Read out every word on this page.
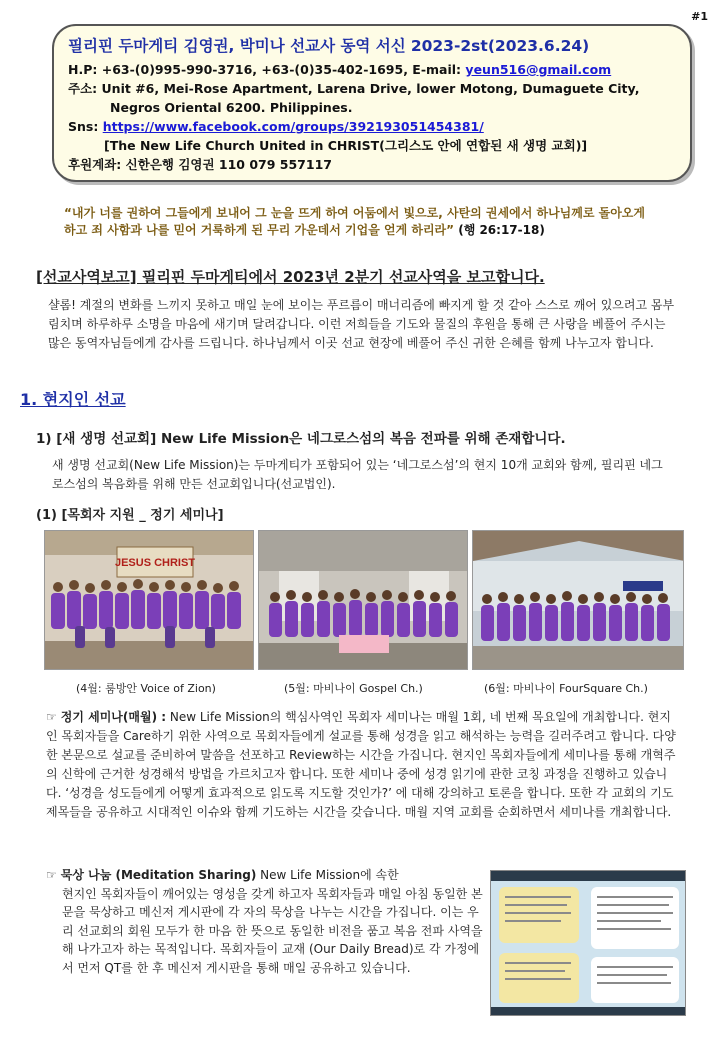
#1
필리핀 두마게티 김영권, 박미나 선교사 동역 서신 2023-2st(2023.6.24)
H.P: +63-(0)995-990-3716, +63-(0)35-402-1695, E-mail: yeun516@gmail.com
주소: Unit #6, Mei-Rose Apartment, Larena Drive, lower Motong, Dumaguete City,
Negros Oriental 6200. Philippines.
Sns: https://www.facebook.com/groups/392193051454381/
[The New Life Church United in CHRIST(그리스도 안에 연합된 새 생명 교회)]
후원계좌: 신한은행 김영권 110 079 557117
“내가 너를 권하여 그들에게 보내어 그 눈을 뜨게 하여 어둠에서 빛으로, 사탄의 권세에서 하나님께로 돌아오게 하고 죄 사함과 나를 믿어 거룩하게 된 무리 가운데서 기업을 얻게 하리라” (행 26:17-18)
[선교사역보고] 필리핀 두마게티에서 2023년 2분기 선교사역을 보고합니다.
샬롬! 계절의 변화를 느끼지 못하고 매일 눈에 보이는 푸르름이 매너리즘에 빠지게 할 것 같아 스스로 깨어 있으려고 몸부림치며 하루하루 소명을 마음에 새기며 달려갑니다. 이런 저희들을 기도와 물질의 후원을 통해 큰 사랑을 베풀어 주시는 많은 동역자님들에게 감사를 드립니다. 하나님께서 이곳 선교 현장에 베풀어 주신 귀한 은혜를 함께 나누고자 합니다.
1. 현지인 선교
1) [새 생명 선교회] New Life Mission은 네그로스섬의 복음 전파를 위해 존재합니다.
새 생명 선교회(New Life Mission)는 두마게티가 포함되어 있는 ‘네그로스섬’의 현지 10개 교회와 함께, 필리핀 네그로스섬의 복음화를 위해 만든 선교회입니다(선교법인).
(1) [목회자 지원 _ 정기 세미나]
JESUS CHRIST
(4월: 룸방안 Voice of Zion)	(5월: 마비나이 Gospel Ch.)	(6월: 마비나이 FourSquare Ch.)
☞ 정기 세미나(매월) : New Life Mission의 핵심사역인 목회자 세미나는 매월 1회, 네 번째 목요일에 개최합니다. 현지인 목회자들을 Care하기 위한 사역으로 목회자들에게 설교를 통해 성경을 읽고 해석하는 능력을 길러주려고 합니다. 다양한 본문으로 설교를 준비하여 말씀을 선포하고 Review하는 시간을 가집니다. 현지인 목회자들에게 세미나를 통해 개혁주의 신학에 근거한 성경해석 방법을 가르치고자 합니다. 또한 세미나 중에 성경 읽기에 관한 코칭 과정을 진행하고 있습니다. ‘성경을 성도들에게 어떻게 효과적으로 읽도록 지도할 것인가?’ 에 대해 강의하고 토론을 합니다. 또한 각 교회의 기도제목들을 공유하고 시대적인 이슈와 함께 기도하는 시간을 갖습니다. 매월 지역 교회를 순회하면서 세미나를 개최합니다.
☞ 묵상 나눔 (Meditation Sharing) New Life Mission에 속한
현지인 목회자들이 깨어있는 영성을 갖게 하고자 목회자들과 매일 아침 동일한 본문을 묵상하고 메신저 게시판에 각 자의 묵상을 나누는 시간을 가집니다. 이는 우리 선교회의 회원 모두가 한 마음 한 뜻으로 동일한 비전을 품고 복음 전파 사역을 해 나가고자 하는 목적입니다. 목회자들이 교재 (Our Daily Bread)로 각 가정에서 먼저 QT를 한 후 메신저 게시판을 통해 매일 공유하고 있습니다.
